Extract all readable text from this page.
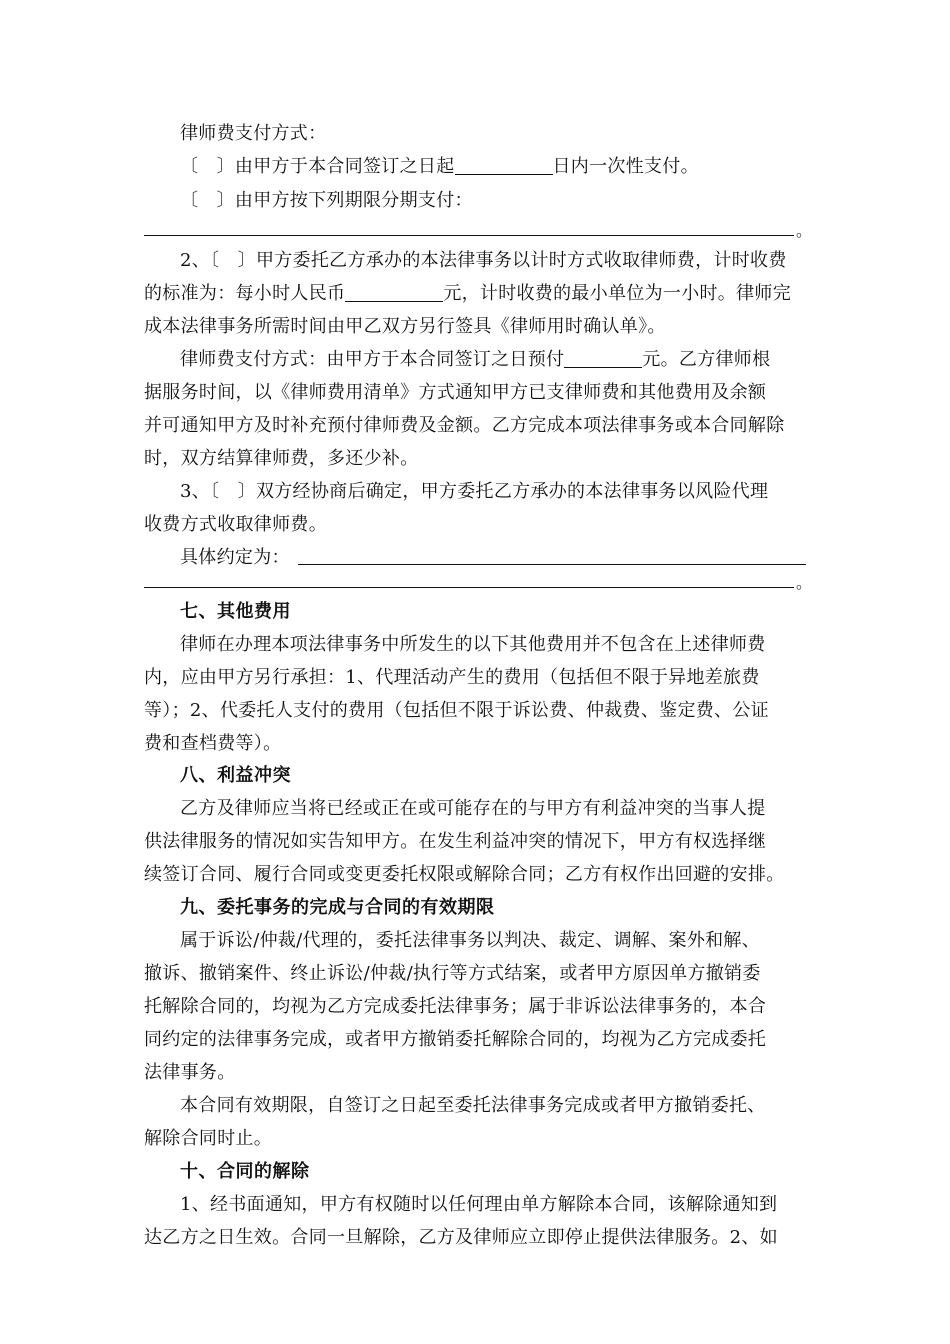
律师费支付方式：
〔　〕由甲方于本合同签订之日起	日内一次性支付。
〔　〕由甲方按下列期限分期支付：
。
2、〔　〕甲方委托乙方承办的本法律事务以计时方式收取律师费，计时收费
的标准为：每小时人民币	元，计时收费的最小单位为一小时。律师完
成本法律事务所需时间由甲乙双方另行签具《律师用时确认单》。
律师费支付方式：由甲方于本合同签订之日预付	元。乙方律师根
据服务时间，以《律师费用清单》方式通知甲方已支律师费和其他费用及余额
并可通知甲方及时补充预付律师费及金额。乙方完成本项法律事务或本合同解除
时，双方结算律师费，多还少补。
3、〔　〕双方经协商后确定，甲方委托乙方承办的本法律事务以风险代理
收费方式收取律师费。
具体约定为：
。
七、其他费用
律师在办理本项法律事务中所发生的以下其他费用并不包含在上述律师费
内，应由甲方另行承担：1、代理活动产生的费用（包括但不限于异地差旅费
等）；2、代委托人支付的费用（包括但不限于诉讼费、仲裁费、鉴定费、公证
费和查档费等）。
八、利益冲突
乙方及律师应当将已经或正在或可能存在的与甲方有利益冲突的当事人提
供法律服务的情况如实告知甲方。在发生利益冲突的情况下，甲方有权选择继
续签订合同、履行合同或变更委托权限或解除合同；乙方有权作出回避的安排。
九、委托事务的完成与合同的有效期限
属于诉讼/仲裁/代理的，委托法律事务以判决、裁定、调解、案外和解、
撤诉、撤销案件、终止诉讼/仲裁/执行等方式结案，或者甲方原因单方撤销委
托解除合同的，均视为乙方完成委托法律事务；属于非诉讼法律事务的，本合
同约定的法律事务完成，或者甲方撤销委托解除合同的，均视为乙方完成委托
法律事务。
本合同有效期限，自签订之日起至委托法律事务完成或者甲方撤销委托、
解除合同时止。
十、合同的解除
1、经书面通知，甲方有权随时以任何理由单方解除本合同，该解除通知到
达乙方之日生效。合同一旦解除，乙方及律师应立即停止提供法律服务。2、如
